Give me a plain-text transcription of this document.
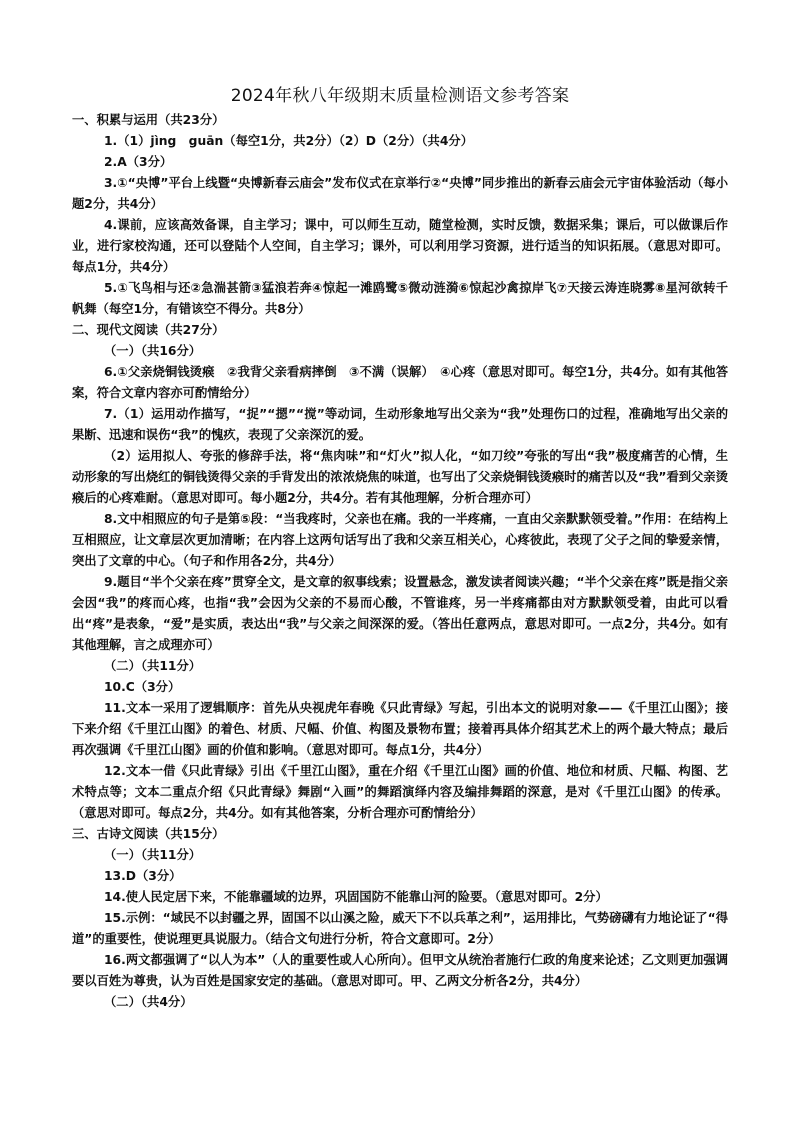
2024年秋八年级期末质量检测语文参考答案

一、积累与运用（共23分）

1.（1）jìng　guān（每空1分，共2分）（2）D（2分）（共4分）

2.A（3分）

3.①“央博”平台上线暨“央博新春云庙会”发布仪式在京举行②“央博”同步推出的新春云庙会元宇宙体验活动（每小题2分，共4分）

4.课前，应该高效备课，自主学习；课中，可以师生互动，随堂检测，实时反馈，数据采集；课后，可以做课后作业，进行家校沟通，还可以登陆个人空间，自主学习；课外，可以利用学习资源，进行适当的知识拓展。（意思对即可。每点1分，共4分）

5.①飞鸟相与还②急湍甚箭③猛浪若奔④惊起一滩鸥鹭⑤微动涟漪⑥惊起沙禽掠岸飞⑦天接云涛连晓雾⑧星河欲转千帆舞（每空1分，有错该空不得分。共8分）

二、现代文阅读（共27分）

（一）（共16分）

6.①父亲烧铜钱烫瘊　②我背父亲看病摔倒　③不满（误解）　④心疼（意思对即可。每空1分，共4分。如有其他答案，符合文章内容亦可酌情给分）

7.（1）运用动作描写，“捉”“摁”“搅”等动词，生动形象地写出父亲为“我”处理伤口的过程，准确地写出父亲的果断、迅速和误伤“我”的愧疚，表现了父亲深沉的爱。

（2）运用拟人、夸张的修辞手法，将“焦肉味”和“灯火”拟人化，“如刀绞”夸张的写出“我”极度痛苦的心情，生动形象的写出烧红的铜钱烫得父亲的手背发出的浓浓烧焦的味道，也写出了父亲烧铜钱烫瘊时的痛苦以及“我”看到父亲烫瘊后的心疼难耐。（意思对即可。每小题2分，共4分。若有其他理解，分析合理亦可）

8.文中相照应的句子是第⑤段：“当我疼时，父亲也在痛。我的一半疼痛，一直由父亲默默领受着。”作用：在结构上互相照应，让文章层次更加清晰；在内容上这两句话写出了我和父亲互相关心，心疼彼此，表现了父子之间的挚爱亲情，突出了文章的中心。（句子和作用各2分，共4分）

9.题目“半个父亲在疼”贯穿全文，是文章的叙事线索；设置悬念，激发读者阅读兴趣；“半个父亲在疼”既是指父亲会因“我”的疼而心疼，也指“我”会因为父亲的不易而心酸，不管谁疼，另一半疼痛都由对方默默领受着，由此可以看出“疼”是表象，“爱”是实质，表达出“我”与父亲之间深深的爱。（答出任意两点，意思对即可。一点2分，共4分。如有其他理解，言之成理亦可）

（二）（共11分）

10.C（3分）

11.文本一采用了逻辑顺序：首先从央视虎年春晚《只此青绿》写起，引出本文的说明对象——《千里江山图》；接下来介绍《千里江山图》的着色、材质、尺幅、价值、构图及景物布置；接着再具体介绍其艺术上的两个最大特点；最后再次强调《千里江山图》画的价值和影响。（意思对即可。每点1分，共4分）

12.文本一借《只此青绿》引出《千里江山图》，重在介绍《千里江山图》画的价值、地位和材质、尺幅、构图、艺术特点等；文本二重点介绍《只此青绿》舞剧“入画”的舞蹈演绎内容及编排舞蹈的深意，是对《千里江山图》的传承。（意思对即可。每点2分，共4分。如有其他答案，分析合理亦可酌情给分）

三、古诗文阅读（共15分）

（一）（共11分）

13.D（3分）

14.使人民定居下来，不能靠疆域的边界，巩固国防不能靠山河的险要。（意思对即可。2分）

15.示例：“域民不以封疆之界，固国不以山溪之险，威天下不以兵革之利”，运用排比，气势磅礴有力地论证了“得道”的重要性，使说理更具说服力。（结合文句进行分析，符合文意即可。2分）

16.两文都强调了“以人为本”（人的重要性或人心所向）。但甲文从统治者施行仁政的角度来论述；乙文则更加强调要以百姓为尊贵，认为百姓是国家安定的基础。（意思对即可。甲、乙两文分析各2分，共4分）

（二）（共4分）
